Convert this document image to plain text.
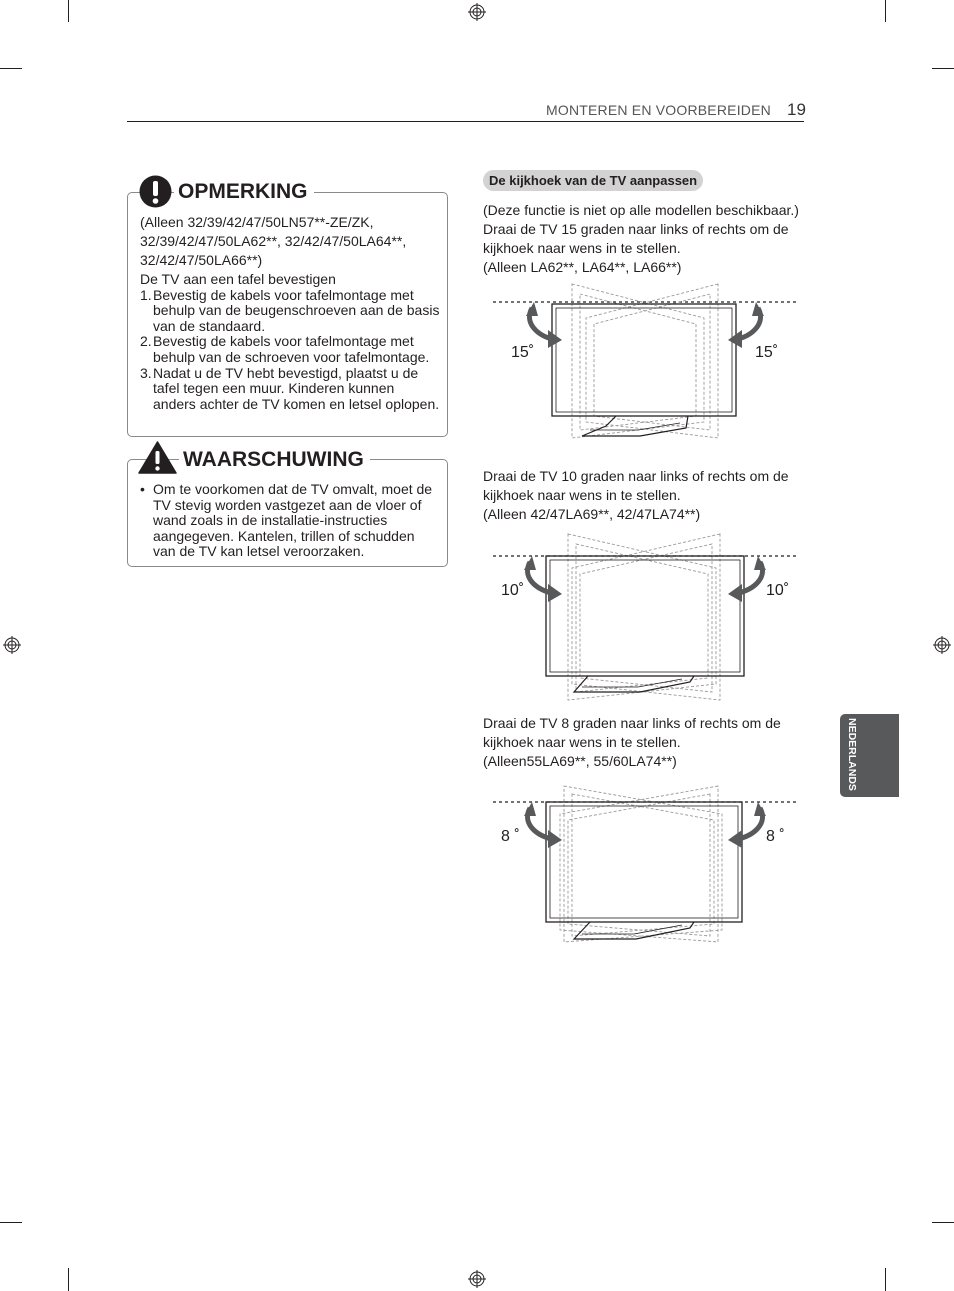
MONTEREN EN VOORBEREIDEN 19
OPMERKING

(Alleen 32/39/42/47/50LN57**-ZE/ZK,

32/39/42/47/50LA62**, 32/42/47/50LA64**,

32/42/47/50LA66**)

De TV aan een tafel bevestigen

1. Bevestig de kabels voor tafelmontage met behulp van de beugenschroeven aan de basis van de standaard.
2. Bevestig de kabels voor tafelmontage met behulp van de schroeven voor tafelmontage.
3. Nadat u de TV hebt bevestigd, plaatst u de tafel tegen een muur. Kinderen kunnen anders achter de TV komen en letsel oplopen.
WAARSCHUWING
• Om te voorkomen dat de TV omvalt, moet de TV stevig worden vastgezet aan de vloer of wand zoals in de installatie-instructies aangegeven. Kantelen, trillen of schudden van de TV kan letsel veroorzaken.
De kijkhoek van de TV aanpassen

(Deze functie is niet op alle modellen beschikbaar.)

Draai de TV 15 graden naar links of rechts om de kijkhoek naar wens in te stellen.

(Alleen LA62**, LA64**, LA66**)

15˚	15˚

Draai de TV 10 graden naar links of rechts om de kijkhoek naar wens in te stellen.

(Alleen 42/47LA69**, 42/47LA74**)

10˚	10˚

Draai de TV 8 graden naar links of rechts om de kijkhoek naar wens in te stellen.

(Alleen55LA69**, 55/60LA74**)

8 ˚	8 ˚
NEDERLANDS
